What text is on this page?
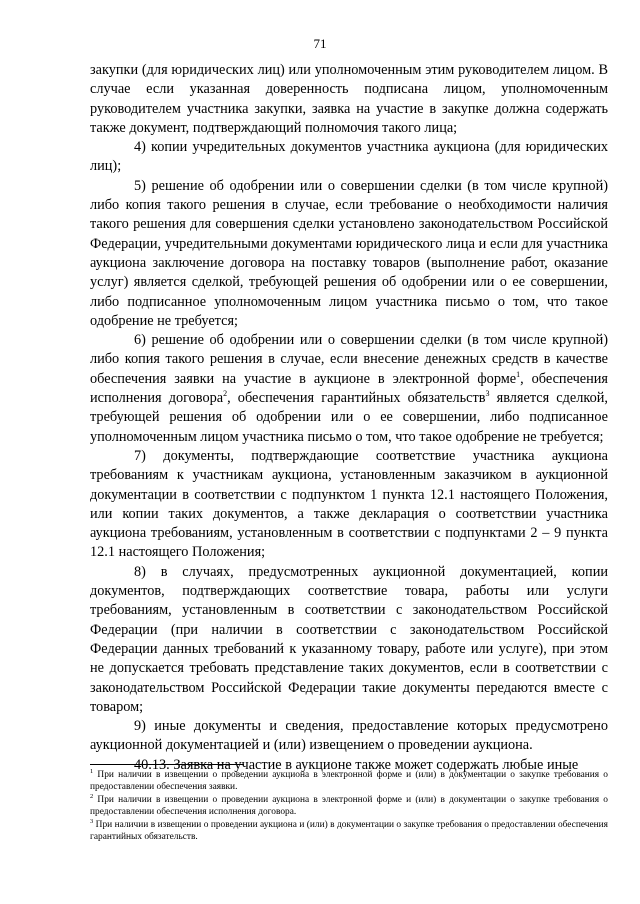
71

закупки (для юридических лиц) или уполномоченным этим руководителем лицом. В случае если указанная доверенность подписана лицом, уполномоченным руководителем участника закупки, заявка на участие в закупке должна содержать также документ, подтверждающий полномочия такого лица;

4) копии учредительных документов участника аукциона (для юридических лиц);

5) решение об одобрении или о совершении сделки (в том числе крупной) либо копия такого решения в случае, если требование о необходимости наличия такого решения для совершения сделки установлено законодательством Российской Федерации, учредительными документами юридического лица и если для участника аукциона заключение договора на поставку товаров (выполнение работ, оказание услуг) является сделкой, требующей решения об одобрении или о ее совершении, либо подписанное уполномоченным лицом участника письмо о том, что такое одобрение не требуется;

6) решение об одобрении или о совершении сделки (в том числе крупной) либо копия такого решения в случае, если внесение денежных средств в качестве обеспечения заявки на участие в аукционе в электронной форме$^1$, обеспечения исполнения договора$^2$, обеспечения гарантийных обязательств$^3$ является сделкой, требующей решения об одобрении или о ее совершении, либо подписанное уполномоченным лицом участника письмо о том, что такое одобрение не требуется;

7) документы, подтверждающие соответствие участника аукциона требованиям к участникам аукциона, установленным заказчиком в аукционной документации в соответствии с подпунктом 1 пункта 12.1 настоящего Положения, или копии таких документов, а также декларация о соответствии участника аукциона требованиям, установленным в соответствии с подпунктами 2 – 9 пункта 12.1 настоящего Положения;

8) в случаях, предусмотренных аукционной документацией, копии документов, подтверждающих соответствие товара, работы или услуги требованиям, установленным в соответствии с законодательством Российской Федерации (при наличии в соответствии с законодательством Российской Федерации данных требований к указанному товару, работе или услуге), при этом не допускается требовать представление таких документов, если в соответствии с законодательством Российской Федерации такие документы передаются вместе с товаром;

9) иные документы и сведения, предоставление которых предусмотрено аукционной документацией и (или) извещением о проведении аукциона.

40.13. Заявка на участие в аукционе также может содержать любые иные

$^1$ При наличии в извещении о проведении аукциона в электронной форме и (или) в документации о закупке требования о предоставлении обеспечения заявки.

$^2$ При наличии в извещении о проведении аукциона в электронной форме и (или) в документации о закупке требования о предоставлении обеспечения исполнения договора.

$^3$ При наличии в извещении о проведении аукциона и (или) в документации о закупке требования о предоставлении обеспечения гарантийных обязательств.
